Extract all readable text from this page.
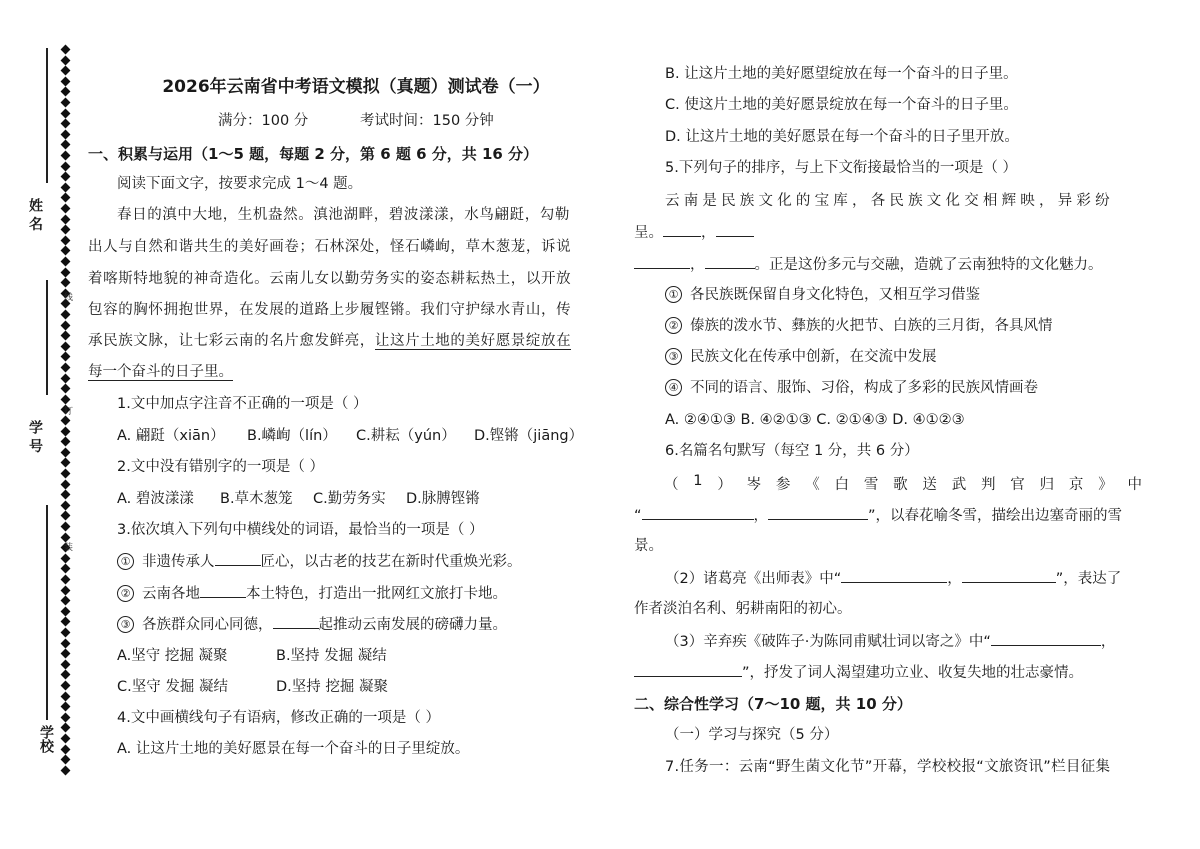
姓 名
线
订
学 号
装
学校
2026年云南省中考语文模拟（真题）测试卷（一）
满分：100 分	考试时间：150 分钟
一、积累与运用（1～5 题，每题 2 分，第 6 题 6 分，共 16 分）
阅读下面文字，按要求完成 1～4 题。
春日的滇中大地，生机盎然。滇池湖畔，碧波漾漾，水鸟翩跹，勾勒
出人与自然和谐共生的美好画卷；石林深处，怪石嶙峋，草木葱茏，诉说
着喀斯特地貌的神奇造化。云南儿女以勤劳务实的姿态耕耘热土，以开放
包容的胸怀拥抱世界，在发展的道路上步履铿锵。我们守护绿水青山，传
承民族文脉，让七彩云南的名片愈发鲜亮，让这片土地的美好愿景绽放在
每一个奋斗的日子里。
1.文中加点字注音不正确的一项是（ ）
A. 翩跹（xiān） B.嶙峋（lín） C.耕耘（yún） D.铿锵（jiāng）
2.文中没有错别字的一项是（ ）
A. 碧波漾漾 B.草木葱笼 C.勤劳务实 D.脉膊铿锵
3.依次填入下列句中横线处的词语，最恰当的一项是（ ）
① 非遗传承人	匠心，以古老的技艺在新时代重焕光彩。
② 云南各地	本土特色，打造出一批网红文旅打卡地。
③ 各族群众同心同德，	起推动云南发展的磅礴力量。
A.坚守 挖掘 凝聚	B.坚持 发掘 凝结
C.坚守 发掘 凝结	D.坚持 挖掘 凝聚
4.文中画横线句子有语病，修改正确的一项是（ ）
A. 让这片土地的美好愿景在每一个奋斗的日子里绽放。
B. 让这片土地的美好愿望绽放在每一个奋斗的日子里。
C. 使这片土地的美好愿景绽放在每一个奋斗的日子里。
D. 让这片土地的美好愿景在每一个奋斗的日子里开放。
5.下列句子的排序，与上下文衔接最恰当的一项是（ ）
云南是民族文化的宝库，各民族文化交相辉映，异彩纷
呈。	，
，	。正是这份多元与交融，造就了云南独特的文化魅力。
① 各民族既保留自身文化特色，又相互学习借鉴
② 傣族的泼水节、彝族的火把节、白族的三月街，各具风情
③ 民族文化在传承中创新，在交流中发展
④ 不同的语言、服饰、习俗，构成了多彩的民族风情画卷
A. ②④①③ B. ④②①③ C. ②①④③ D. ④①②③
6.名篇名句默写（每空 1 分，共 6 分）
（ 1 ） 岑 参 《 白 雪 歌 送 武 判 官 归 京 》 中
“	，	”，以春花喻冬雪，描绘出边塞奇丽的雪
景。
（2）诸葛亮《出师表》中“	，	”，表达了
作者淡泊名利、躬耕南阳的初心。
（3）辛弃疾《破阵子·为陈同甫赋壮词以寄之》中“	，
”，抒发了词人渴望建功立业、收复失地的壮志豪情。
二、综合性学习（7～10 题，共 10 分）
（一）学习与探究（5 分）
7.任务一：云南“野生菌文化节”开幕，学校校报“文旅资讯”栏目征集
